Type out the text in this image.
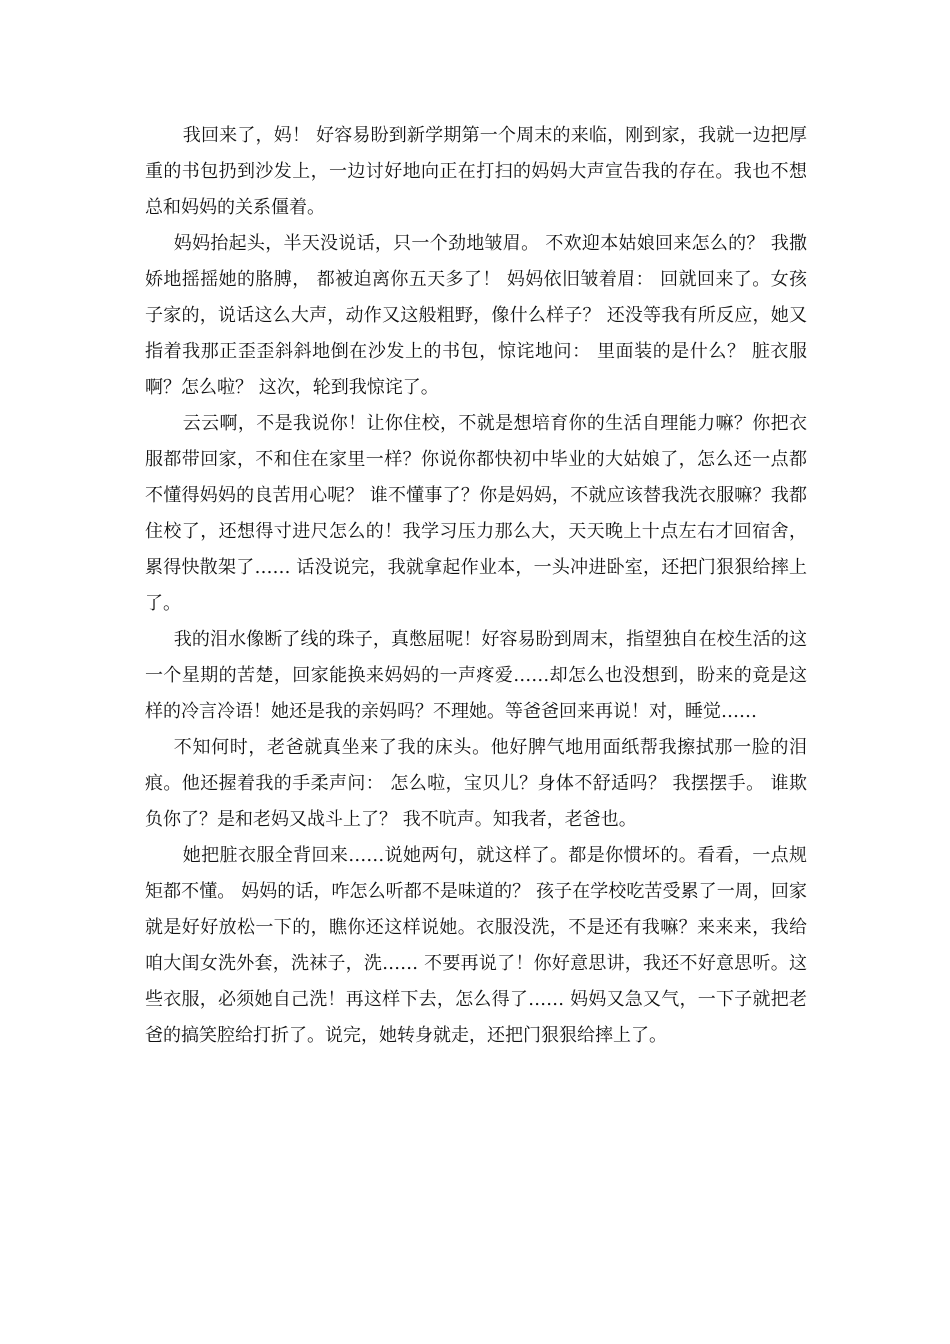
我回来了，妈！ 好容易盼到新学期第一个周末的来临，刚到家，我就一边把厚重的书包扔到沙发上，一边讨好地向正在打扫的妈妈大声宣告我的存在。我也不想总和妈妈的关系僵着。

妈妈抬起头，半天没说话，只一个劲地皱眉。 不欢迎本姑娘回来怎么的？ 我撒娇地摇摇她的胳膊， 都被迫离你五天多了！ 妈妈依旧皱着眉： 回就回来了。女孩子家的，说话这么大声，动作又这般粗野，像什么样子？ 还没等我有所反应，她又指着我那正歪歪斜斜地倒在沙发上的书包，惊诧地问： 里面装的是什么？ 脏衣服啊？怎么啦？ 这次，轮到我惊诧了。

云云啊，不是我说你！让你住校，不就是想培育你的生活自理能力嘛？你把衣服都带回家，不和住在家里一样？你说你都快初中毕业的大姑娘了，怎么还一点都不懂得妈妈的良苦用心呢？ 谁不懂事了？你是妈妈，不就应该替我洗衣服嘛？我都住校了，还想得寸进尺怎么的！我学习压力那么大，天天晚上十点左右才回宿舍，累得快散架了…… 话没说完，我就拿起作业本，一头冲进卧室，还把门狠狠给摔上了。

我的泪水像断了线的珠子，真憋屈呢！好容易盼到周末，指望独自在校生活的这一个星期的苦楚，回家能换来妈妈的一声疼爱……却怎么也没想到，盼来的竟是这样的冷言冷语！她还是我的亲妈吗？不理她。等爸爸回来再说！对，睡觉……

不知何时，老爸就真坐来了我的床头。他好脾气地用面纸帮我擦拭那一脸的泪痕。他还握着我的手柔声问： 怎么啦，宝贝儿？身体不舒适吗？ 我摆摆手。 谁欺负你了？是和老妈又战斗上了？ 我不吭声。知我者，老爸也。

她把脏衣服全背回来……说她两句，就这样了。都是你惯坏的。看看，一点规矩都不懂。 妈妈的话，咋怎么听都不是味道的？ 孩子在学校吃苦受累了一周，回家就是好好放松一下的，瞧你还这样说她。衣服没洗，不是还有我嘛？来来来，我给咱大闺女洗外套，洗袜子，洗…… 不要再说了！你好意思讲，我还不好意思听。这些衣服，必须她自己洗！再这样下去，怎么得了…… 妈妈又急又气，一下子就把老爸的搞笑腔给打折了。说完，她转身就走，还把门狠狠给摔上了。
